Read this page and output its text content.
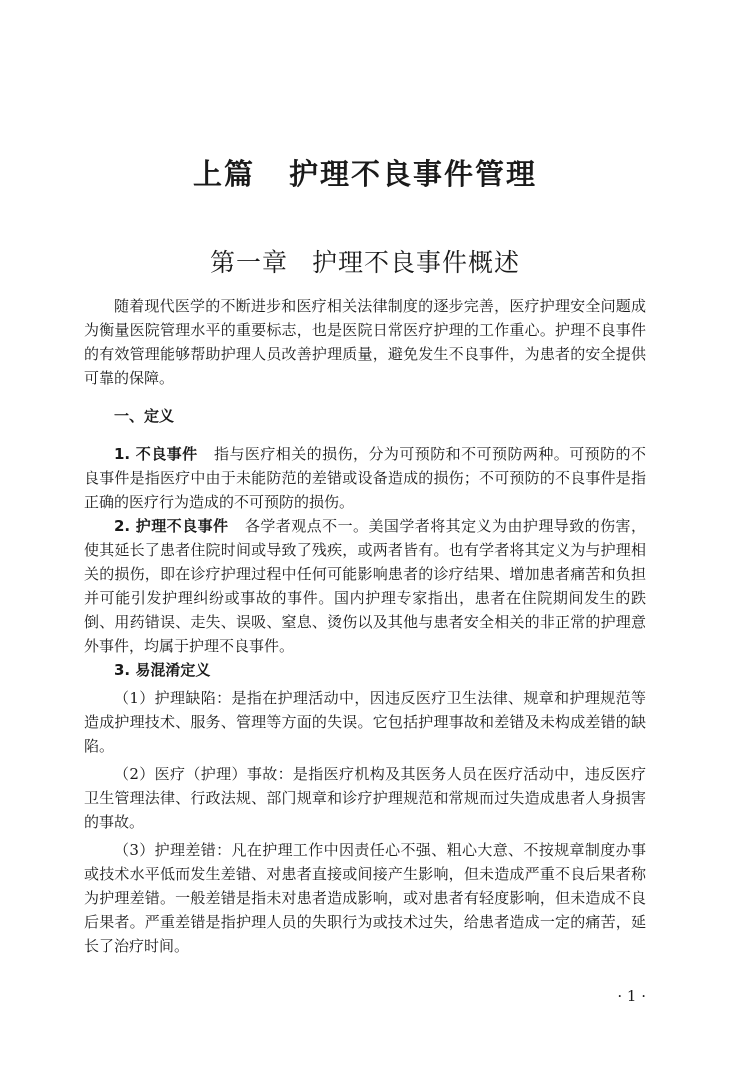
上篇 护理不良事件管理
第一章 护理不良事件概述

随着现代医学的不断进步和医疗相关法律制度的逐步完善，医疗护理安全问题成为衡量医院管理水平的重要标志，也是医院日常医疗护理的工作重心。护理不良事件的有效管理能够帮助护理人员改善护理质量，避免发生不良事件，为患者的安全提供可靠的保障。

一、定义

1. 不良事件 指与医疗相关的损伤，分为可预防和不可预防两种。可预防的不良事件是指医疗中由于未能防范的差错或设备造成的损伤；不可预防的不良事件是指正确的医疗行为造成的不可预防的损伤。

2. 护理不良事件 各学者观点不一。美国学者将其定义为由护理导致的伤害，使其延长了患者住院时间或导致了残疾，或两者皆有。也有学者将其定义为与护理相关的损伤，即在诊疗护理过程中任何可能影响患者的诊疗结果、增加患者痛苦和负担并可能引发护理纠纷或事故的事件。国内护理专家指出，患者在住院期间发生的跌倒、用药错误、走失、误吸、窒息、烫伤以及其他与患者安全相关的非正常的护理意外事件，均属于护理不良事件。

3. 易混淆定义

（1）护理缺陷：是指在护理活动中，因违反医疗卫生法律、规章和护理规范等造成护理技术、服务、管理等方面的失误。它包括护理事故和差错及未构成差错的缺陷。

（2）医疗（护理）事故：是指医疗机构及其医务人员在医疗活动中，违反医疗卫生管理法律、行政法规、部门规章和诊疗护理规范和常规而过失造成患者人身损害的事故。

（3）护理差错：凡在护理工作中因责任心不强、粗心大意、不按规章制度办事或技术水平低而发生差错、对患者直接或间接产生影响，但未造成严重不良后果者称为护理差错。一般差错是指未对患者造成影响，或对患者有轻度影响，但未造成不良后果者。严重差错是指护理人员的失职行为或技术过失，给患者造成一定的痛苦，延长了治疗时间。

· 1 ·
